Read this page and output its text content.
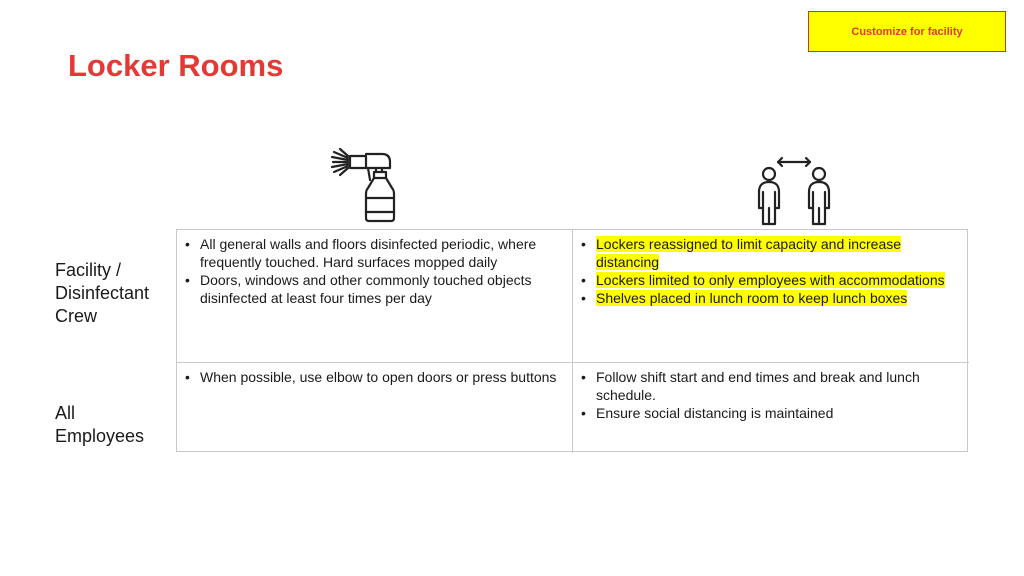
Customize for facility
Locker Rooms
Facility /
Disinfectant
Crew
All
Employees
• All general walls and floors disinfected periodic, where frequently touched. Hard surfaces mopped daily
• Doors, windows and other commonly touched objects disinfected at least four times per day
• Lockers reassigned to limit capacity and increase distancing
• Lockers limited to only employees with accommodations
• Shelves placed in lunch room to keep lunch boxes
• When possible, use elbow to open doors or press buttons
•	Follow shift start and end times and break and lunch schedule.
• Ensure social distancing is maintained
